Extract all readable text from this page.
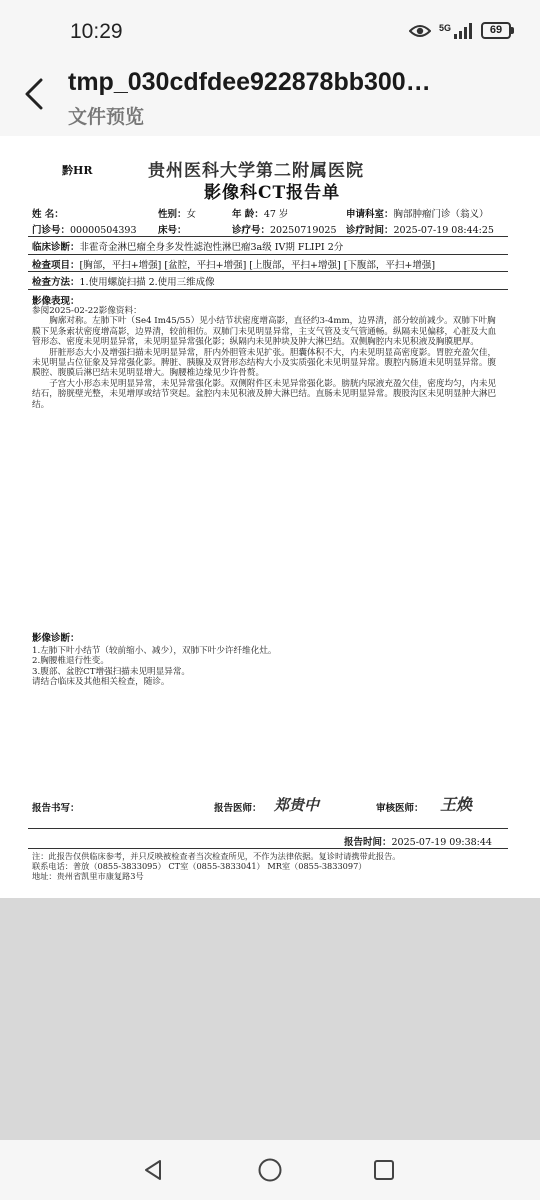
10:29	5G	69
tmp_030cdfdee922878bb300…
文件预览
黔HR	贵州医科大学第二附属医院
影像科CT报告单
姓 名：	性别：女	年 龄：47 岁	申请科室：胸部肿瘤门诊（翁义）
门诊号：00000504393 床号：	诊疗号：20250719025 诊疗时间：2025-07-19 08:44:25
临床诊断：非霍奇金淋巴瘤全身多发性滤泡性淋巴瘤3a级 IV期 FLIPI 2分
检查项目：[胸部，平扫+增强] [盆腔，平扫+增强] [上腹部，平扫+增强] [下腹部，平扫+增强]
检查方法：1.使用螺旋扫描 2.使用三维成像
影像表现：

参阅2025-02-22影像资料：

胸廓对称。左肺下叶（Se4 Im45/55）见小结节状密度增高影，直径约3-4mm，边界清，部分较前减少。双肺下叶胸膜下见条索状密度增高影，边界清，较前相仿。双肺门未见明显异常，主支气管及支气管通畅。纵隔未见偏移，心脏及大血管形态、密度未见明显异常，未见明显异常强化影；纵隔内未见肿块及肿大淋巴结。双侧胸腔内未见积液及胸膜肥厚。

肝脏形态大小及增强扫描未见明显异常，肝内外胆管未见扩张。胆囊体积不大，内未见明显高密度影。胃腔充盈欠佳，未见明显占位征象及异常强化影。脾脏、胰腺及双肾形态结构大小及实质强化未见明显异常。腹腔内肠道未见明显异常。腹膜腔、腹膜后淋巴结未见明显增大。胸腰椎边缘见少许骨赘。

子宫大小形态未见明显异常，未见异常强化影。双侧附件区未见异常强化影。膀胱内尿液充盈欠佳，密度均匀，内未见结石，膀胱壁光整，未见增厚或结节突起。盆腔内未见积液及肿大淋巴结。直肠未见明显异常。腹股沟区未见明显肿大淋巴结。

影像诊断：

1.左肺下叶小结节（较前缩小、减少），双肺下叶少许纤维化灶。

2.胸腰椎退行性变。

3.腹部、盆腔CT增强扫描未见明显异常。

请结合临床及其他相关检查，随诊。

报告书写：	报告医师： 郑贵中	审核医师： 王焕
报告时间：2025-07-19 09:38:44
注：此报告仅供临床参考，并只反映被检查者当次检查所见，不作为法律依据。复诊时请携带此报告。
联系电话：普放（0855-3833095） CT室（0855-3833041） MR室（0855-3833097）
地址：贵州省凯里市康复路3号
